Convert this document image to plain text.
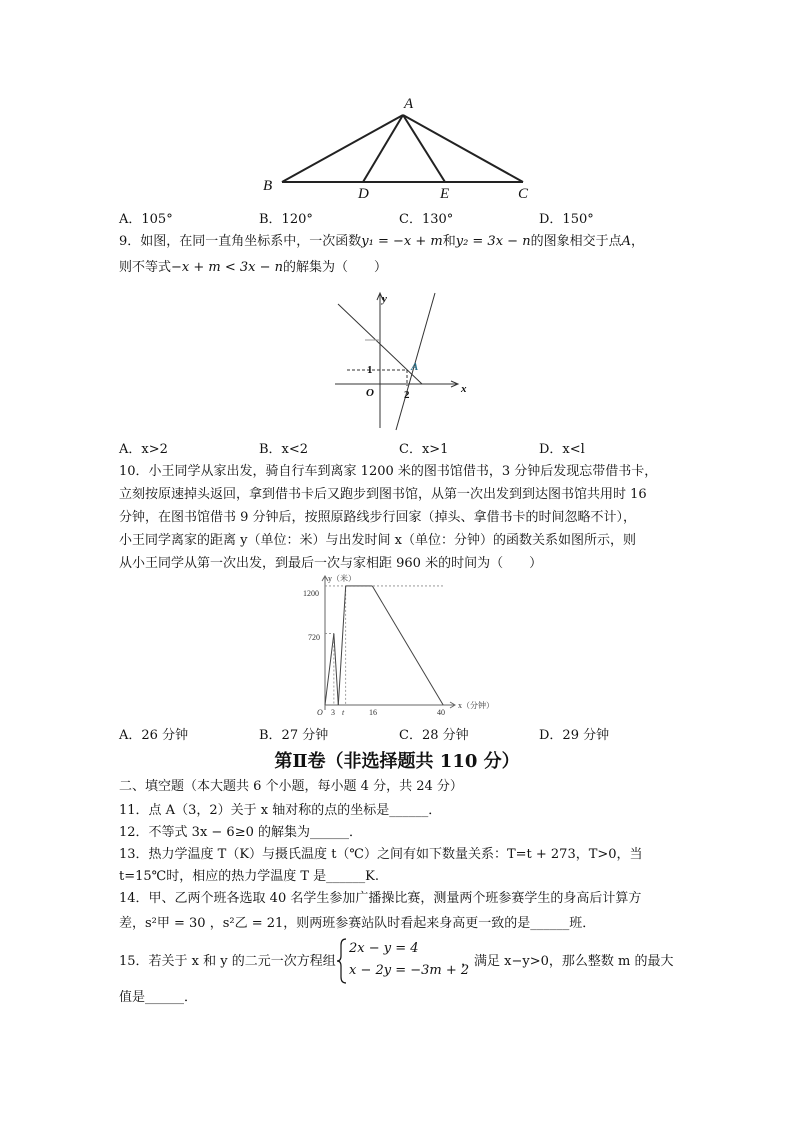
A
B	D	E	C
A．105°	B．120°	C．130°	D．150°
9．如图，在同一直角坐标系中，一次函数y₁ = −x + m和y₂ = 3x − n的图象相交于点A，
则不等式−x + m < 3x − n的解集为（　　）
y
x
O
1
2
A
A．x>2	B．x<2	C．x>1	D．x<l
10．小王同学从家出发，骑自行车到离家 1200 米的图书馆借书，3 分钟后发现忘带借书卡，
立刻按原速掉头返回，拿到借书卡后又跑步到图书馆，从第一次出发到到达图书馆共用时 16
分钟，在图书馆借书 9 分钟后，按照原路线步行回家（掉头、拿借书卡的时间忽略不计），
小王同学离家的距离 y（单位：米）与出发时间 x（单位：分钟）的函数关系如图所示，则
从小王同学从第一次出发，到最后一次与家相距 960 米的时间为（　　）
y（米）
x（分钟）
1200
720
O 3 t	16	40
A．26 分钟	B．27 分钟	C．28 分钟	D．29 分钟
第Ⅱ卷（非选择题共 110 分）
二、填空题（本大题共 6 个小题，每小题 4 分，共 24 分）
11．点 A（3，2）关于 x 轴对称的点的坐标是______．
12．不等式 3x − 6≥0 的解集为______．
13．热力学温度 T（K）与摄氏温度 t（℃）之间有如下数量关系：T=t + 273，T>0，当
t=15℃时，相应的热力学温度 T 是______K.
14．甲、乙两个班各选取 40 名学生参加广播操比赛，测量两个班参赛学生的身高后计算方
差，s²甲 = 30 ，s²乙 = 21，则两班参赛站队时看起来身高更一致的是______班．
15．若关于 x 和 y 的二元一次方程组
2x − y = 4
x − 2y = −3m + 2
，满足 x−y>0，那么整数 m 的最大
值是______．
